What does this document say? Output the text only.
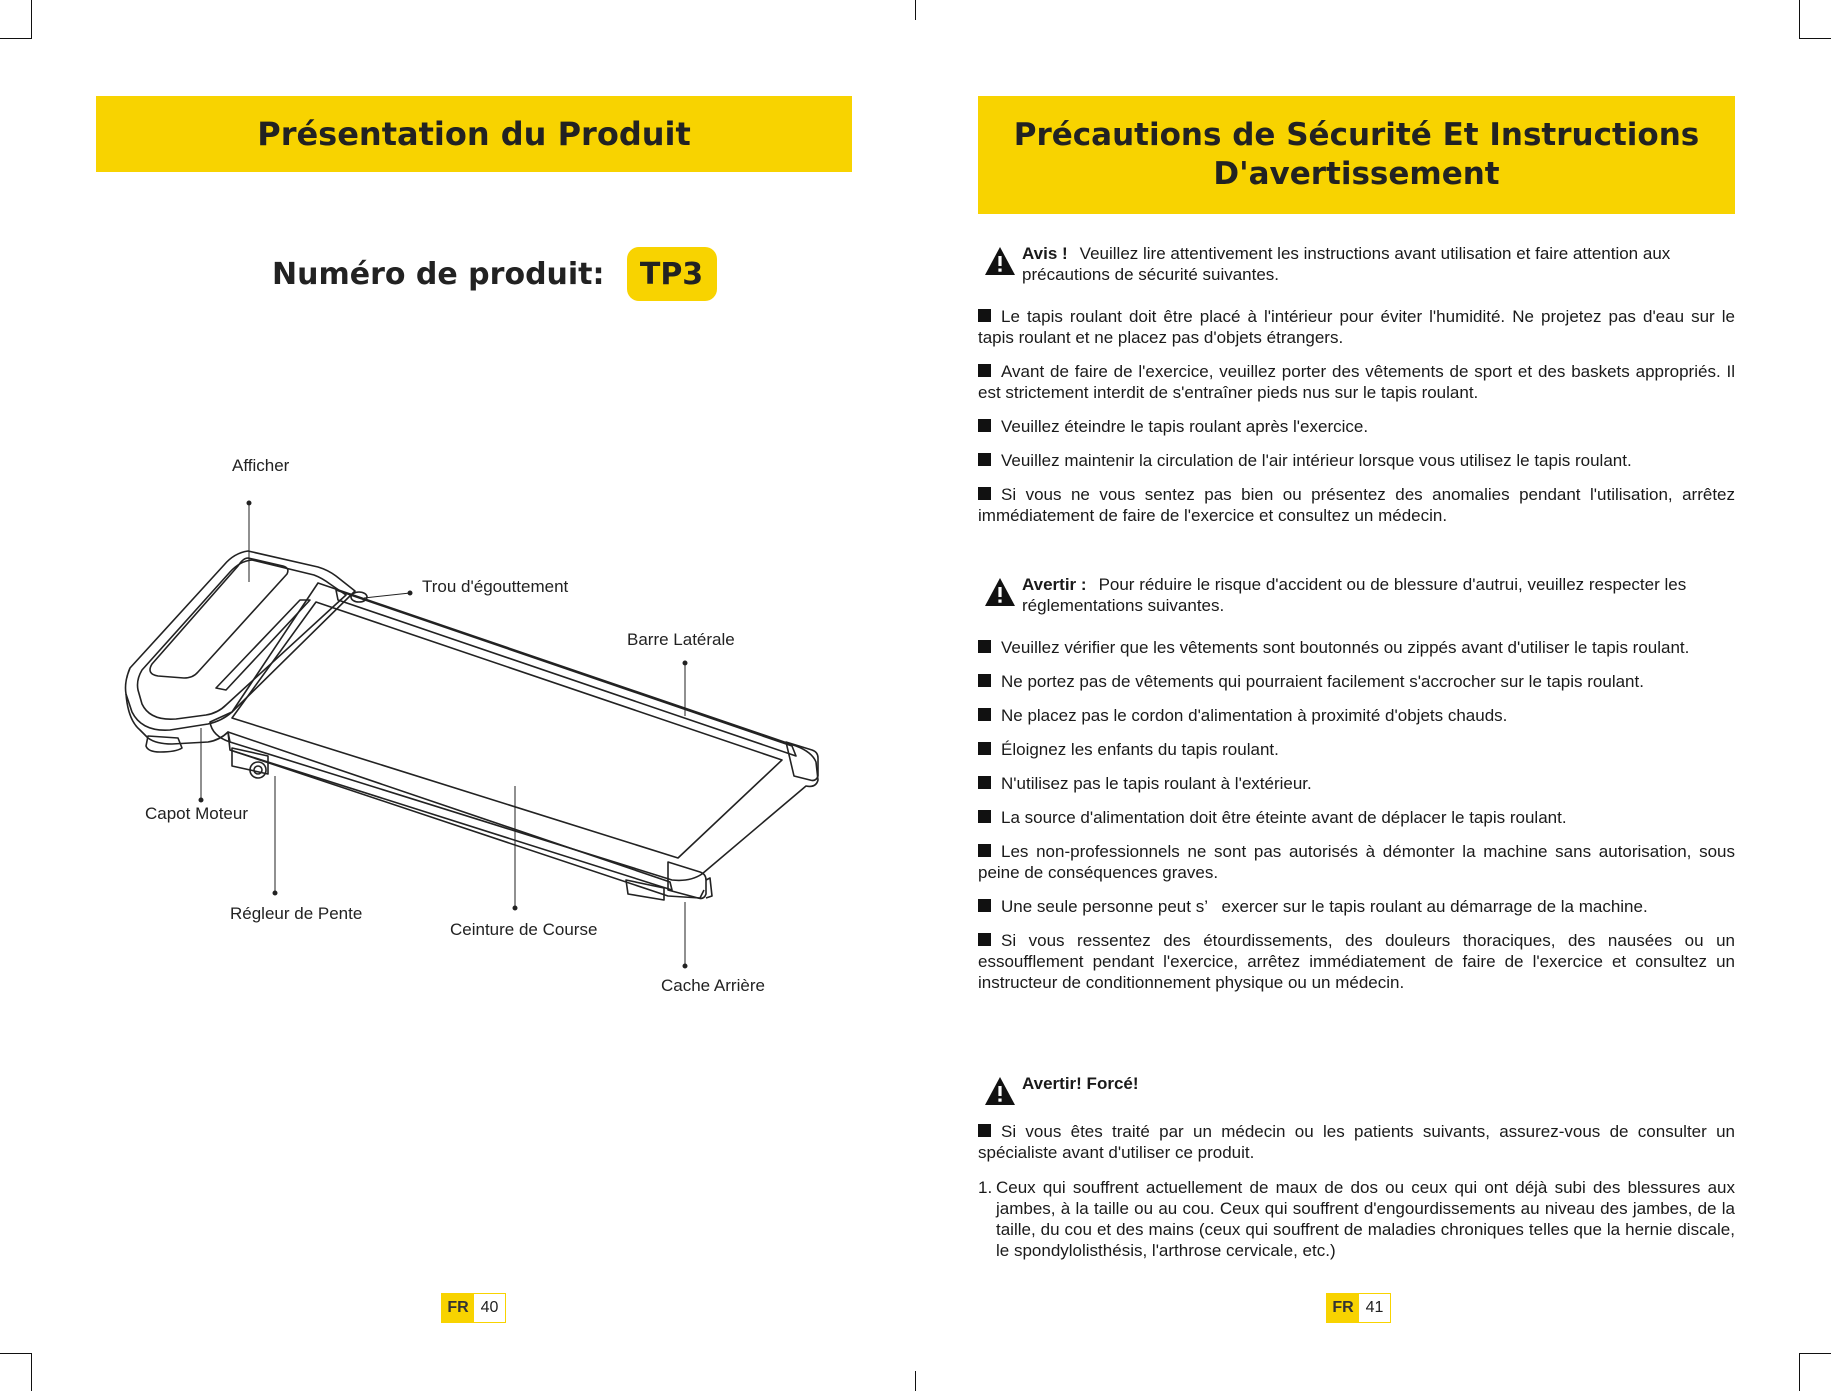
Présentation du Produit
Numéro de produit:	TP3
Afficher
Trou d'égouttement
Barre Latérale
Capot Moteur
Régleur de Pente
Ceinture de Course
Cache Arrière
FR 40
Précautions de Sécurité Et Instructions
D'avertissement
Avis ! Veuillez lire attentivement les instructions avant utilisation et faire attention aux précautions de sécurité suivantes.
Le tapis roulant doit être placé à l'intérieur pour éviter l'humidité. Ne projetez pas d'eau sur le tapis roulant et ne placez pas d'objets étrangers.
Avant de faire de l'exercice, veuillez porter des vêtements de sport et des baskets appropriés. Il est strictement interdit de s'entraîner pieds nus sur le tapis roulant.
Veuillez éteindre le tapis roulant après l'exercice.
Veuillez maintenir la circulation de l'air intérieur lorsque vous utilisez le tapis roulant.
Si vous ne vous sentez pas bien ou présentez des anomalies pendant l'utilisation, arrêtez immédiatement de faire de l'exercice et consultez un médecin.
Avertir : Pour réduire le risque d'accident ou de blessure d'autrui, veuillez respecter les réglementations suivantes.
Veuillez vérifier que les vêtements sont boutonnés ou zippés avant d'utiliser le tapis roulant.
Ne portez pas de vêtements qui pourraient facilement s'accrocher sur le tapis roulant.
Ne placez pas le cordon d'alimentation à proximité d'objets chauds.
Éloignez les enfants du tapis roulant.
N'utilisez pas le tapis roulant à l'extérieur.
La source d'alimentation doit être éteinte avant de déplacer le tapis roulant.
Les non-professionnels ne sont pas autorisés à démonter la machine sans autorisation, sous peine de conséquences graves.
Une seule personne peut s’   exercer sur le tapis roulant au démarrage de la machine.
Si vous ressentez des étourdissements, des douleurs thoraciques, des nausées ou un essoufflement pendant l'exercice, arrêtez immédiatement de faire de l'exercice et consultez un instructeur de conditionnement physique ou un médecin.
Avertir! Forcé!
Si vous êtes traité par un médecin ou les patients suivants, assurez-vous de consulter un spécialiste avant d'utiliser ce produit.
1. Ceux qui souffrent actuellement de maux de dos ou ceux qui ont déjà subi des blessures aux jambes, à la taille ou au cou. Ceux qui souffrent d'engourdissements au niveau des jambes, de la taille, du cou et des mains (ceux qui souffrent de maladies chroniques telles que la hernie discale, le spondylolisthésis, l'arthrose cervicale, etc.)
FR 41
